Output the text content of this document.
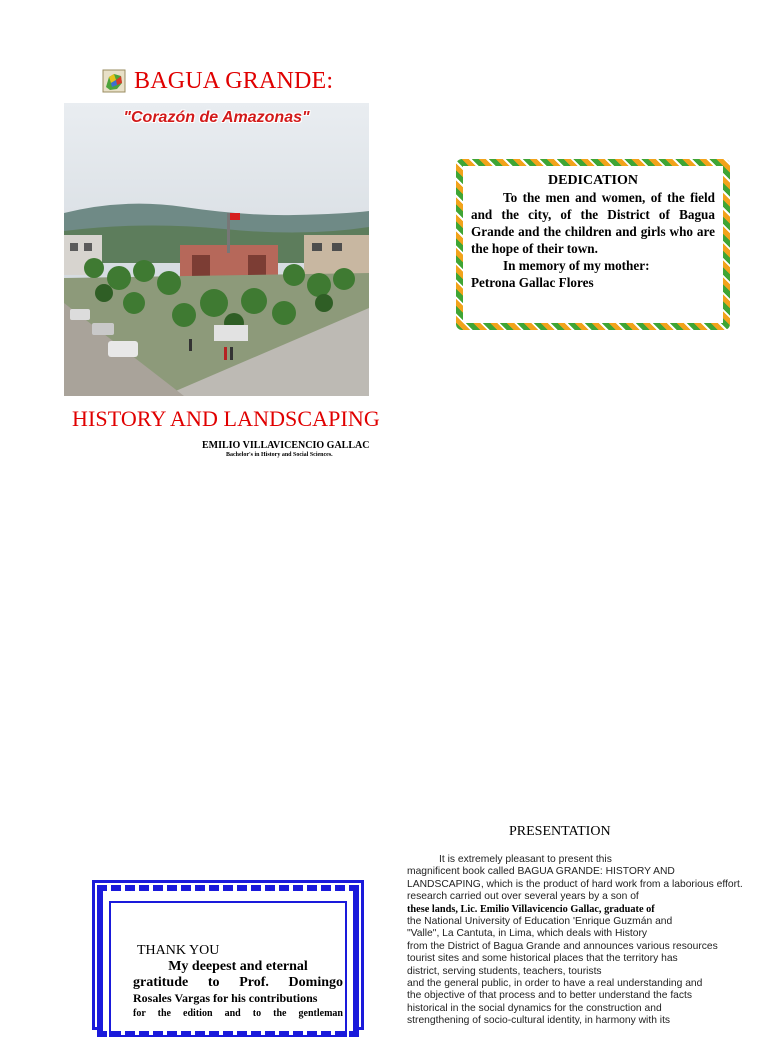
BAGUA GRANDE:
"Corazón de Amazonas"
HISTORY AND LANDSCAPING
EMILIO VILLAVICENCIO GALLAC
Bachelor's in History and Social Sciences.

DEDICATION

To the men and women, of the field and the city, of the District of Bagua Grande and the children and girls who are the hope of their town.

In memory of my mother:

Petrona Gallac Flores

THANK YOU
My deepest and eternal
gratitude to Prof. Domingo
Rosales Vargas for his contributions
for the edition and to the gentleman
PRESENTATION
It is extremely pleasant to present this
magnificent book called BAGUA GRANDE: HISTORY AND
LANDSCAPING, which is the product of hard work from a laborious effort.
research carried out over several years by a son of
these lands, Lic. Emilio Villavicencio Gallac, graduate of
the National University of Education 'Enrique Guzmán and
"Valle", La Cantuta, in Lima, which deals with History
from the District of Bagua Grande and announces various resources
tourist sites and some historical places that the territory has
district, serving students, teachers, tourists
and the general public, in order to have a real understanding and
the objective of that process and to better understand the facts
historical in the social dynamics for the construction and
strengthening of socio-cultural identity, in harmony with its
